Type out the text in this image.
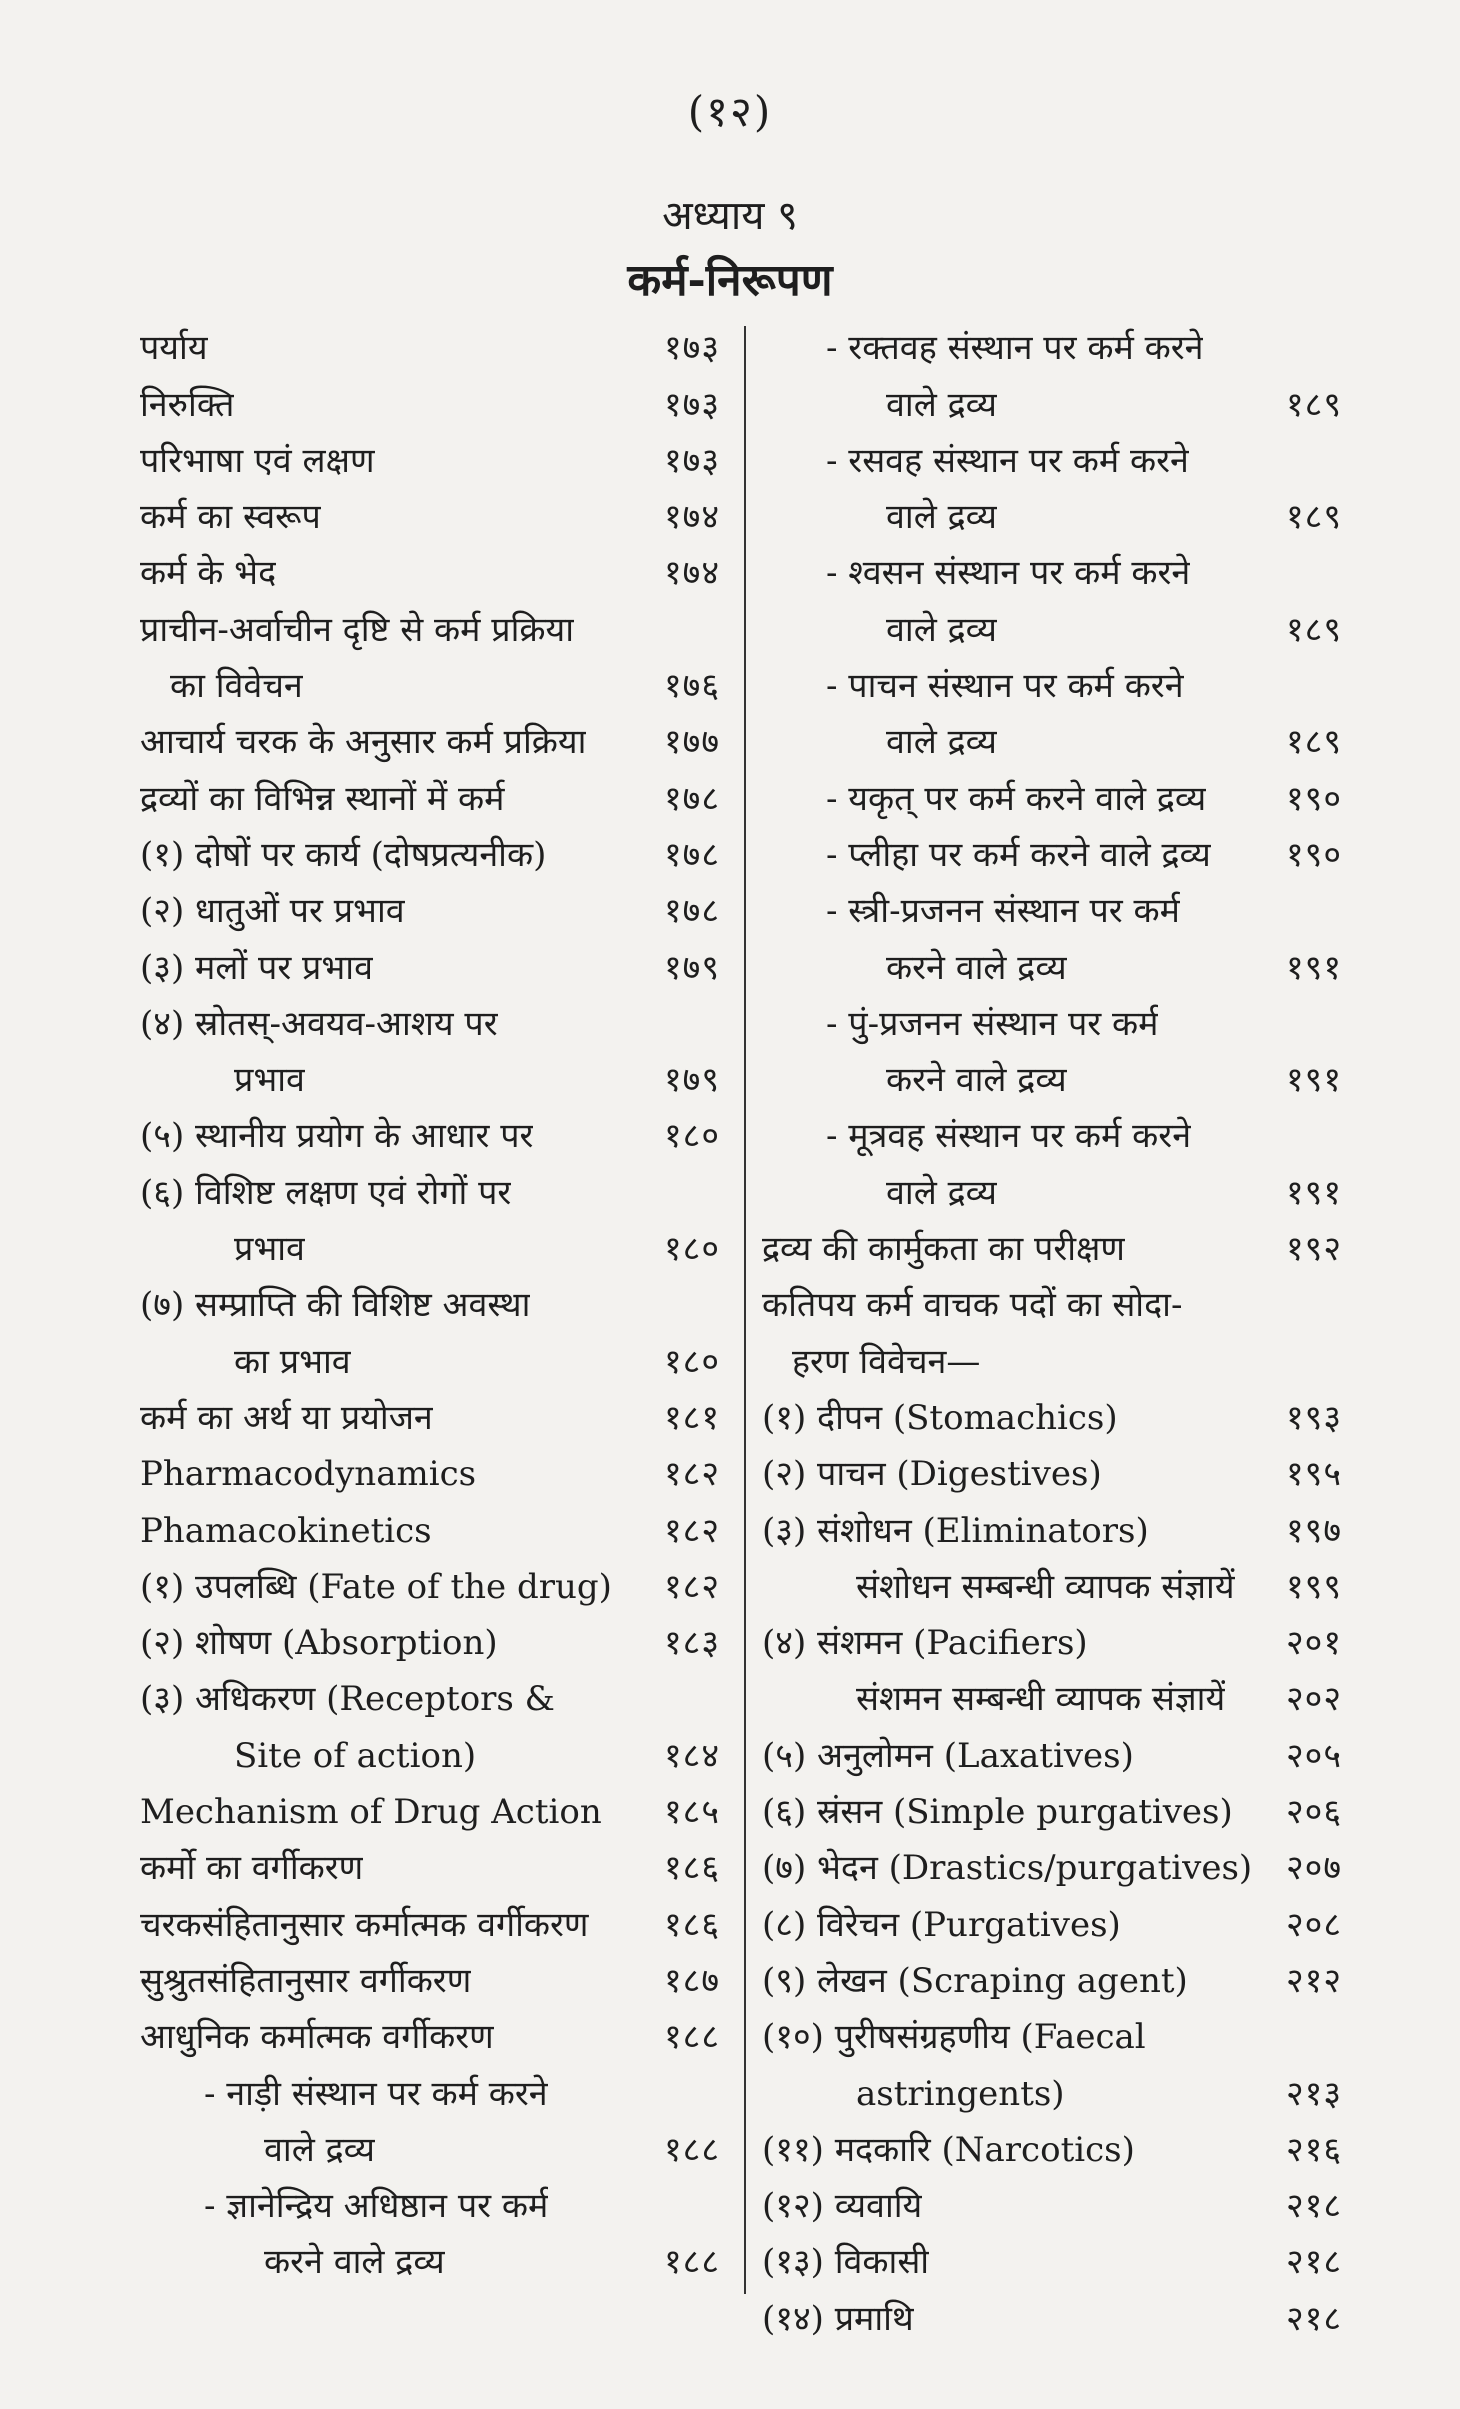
(१२)
अध्याय ९
कर्म-निरूपण
पर्याय	१७३
निरुक्ति	१७३
परिभाषा एवं लक्षण	१७३
कर्म का स्वरूप	१७४
कर्म के भेद	१७४
प्राचीन-अर्वाचीन दृष्टि से कर्म प्रक्रिया
का विवेचन	१७६
आचार्य चरक के अनुसार कर्म प्रक्रिया १७७
द्रव्यों का विभिन्न स्थानों में कर्म	१७८
(१) दोषों पर कार्य (दोषप्रत्यनीक)	१७८
(२) धातुओं पर प्रभाव	१७८
(३) मलों पर प्रभाव	१७९
(४) स्रोतस्-अवयव-आशय पर
प्रभाव	१७९
(५) स्थानीय प्रयोग के आधार पर	१८०
(६) विशिष्ट लक्षण एवं रोगों पर
प्रभाव	१८०
(७) सम्प्राप्ति की विशिष्ट अवस्था
का प्रभाव	१८०
कर्म का अर्थ या प्रयोजन	१८१
Pharmacodynamics	१८२
Phamacokinetics	१८२
(१) उपलब्धि (Fate of the drug) १८२
(२) शोषण (Absorption)	१८३
(३) अधिकरण (Receptors &
Site of action)	१८४
Mechanism of Drug Action १८५
कर्मो का वर्गीकरण	१८६
चरकसंहितानुसार कर्मात्मक वर्गीकरण १८६
सुश्रुतसंहितानुसार वर्गीकरण	१८७
आधुनिक कर्मात्मक वर्गीकरण	१८८
- नाड़ी संस्थान पर कर्म करने
वाले द्रव्य	१८८
- ज्ञानेन्द्रिय अधिष्ठान पर कर्म
करने वाले द्रव्य	१८८
- रक्तवह संस्थान पर कर्म करने
वाले द्रव्य	१८९
- रसवह संस्थान पर कर्म करने
वाले द्रव्य	१८९
- श्वसन संस्थान पर कर्म करने
वाले द्रव्य	१८९
- पाचन संस्थान पर कर्म करने
वाले द्रव्य	१८९
- यकृत् पर कर्म करने वाले द्रव्य १९०
- प्लीहा पर कर्म करने वाले द्रव्य १९०
- स्त्री-प्रजनन संस्थान पर कर्म
करने वाले द्रव्य	१९१
- पुं-प्रजनन संस्थान पर कर्म
करने वाले द्रव्य	१९१
- मूत्रवह संस्थान पर कर्म करने
वाले द्रव्य	१९१
द्रव्य की कार्मुकता का परीक्षण	१९२
कतिपय कर्म वाचक पदों का सोदा-
हरण विवेचन—
(१) दीपन (Stomachics)	१९३
(२) पाचन (Digestives)	१९५
(३) संशोधन (Eliminators)	१९७
संशोधन सम्बन्धी व्यापक संज्ञायें १९९
(४) संशमन (Pacifiers)	२०१
संशमन सम्बन्धी व्यापक संज्ञायें २०२
(५) अनुलोमन (Laxatives)	२०५
(६) स्रंसन (Simple purgatives) २०६
(७) भेदन (Drastics/purgatives) २०७
(८) विरेचन (Purgatives)	२०८
(९) लेखन (Scraping agent)	२१२
(१०) पुरीषसंग्रहणीय (Faecal
astringents)	२१३
(११) मदकारि (Narcotics)	२१६
(१२) व्यवायि	२१८
(१३) विकासी	२१८
(१४) प्रमाथि	२१८
